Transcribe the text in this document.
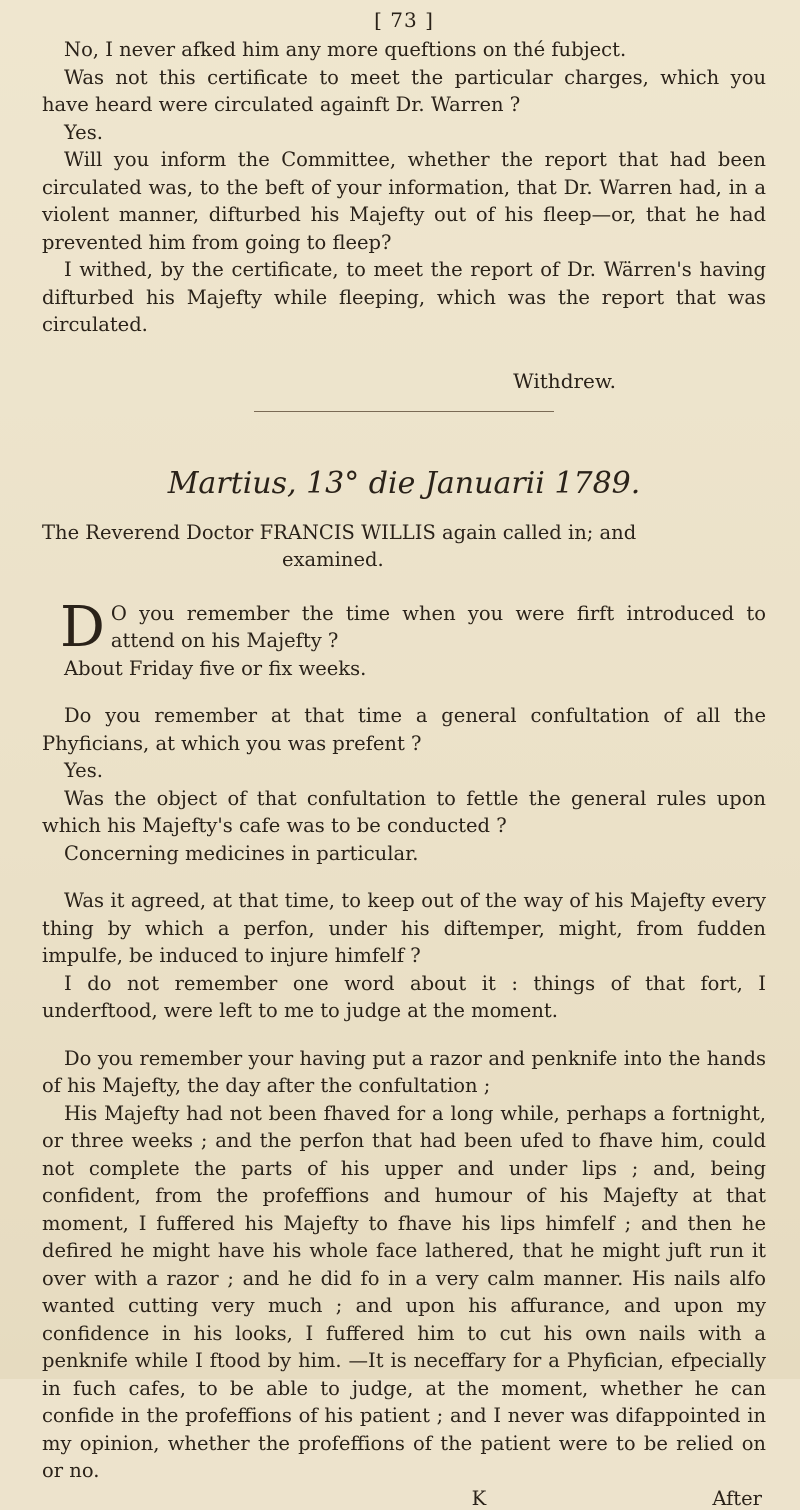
[ 73 ]

No, I never afked him any more queftions on thé fubject.

Was not this certificate to meet the particular charges, which you have heard were circulated againft Dr. Warren ?

Yes.

Will you inform the Committee, whether the report that had been circulated was, to the beft of your information, that Dr. Warren had, in a violent manner, difturbed his Majefty out of his fleep—or, that he had prevented him from going to fleep?

I withed, by the certificate, to meet the report of Dr. Wärren's having difturbed his Majefty while fleeping, which was the report that was circulated.

Withdrew.
Martius, 13° die Januarii 1789.
The Reverend Doctor FRANCIS WILLIS again called in; and
examined.

D O you remember the time when you were firft introduced to attend on his Majefty ?

About Friday five or fix weeks.

Do you remember at that time a general confultation of all the Phyficians, at which you was prefent ?

Yes.

Was the object of that confultation to fettle the general rules upon which his Majefty's cafe was to be conducted ?

Concerning medicines in particular.

Was it agreed, at that time, to keep out of the way of his Majefty every thing by which a perfon, under his diftemper, might, from fudden impulfe, be induced to injure himfelf ?

I do not remember one word about it : things of that fort, I underftood, were left to me to judge at the moment.

Do you remember your having put a razor and penknife into the hands of his Majefty, the day after the confultation ;

His Majefty had not been fhaved for a long while, perhaps a fortnight, or three weeks ; and the perfon that had been ufed to fhave him, could not complete the parts of his upper and under lips ; and, being confident, from the profeffions and humour of his Majefty at that moment, I fuffered his Majefty to fhave his lips himfelf ; and then he defired he might have his whole face lathered, that he might juft run it over with a razor ; and he did fo in a very calm manner. His nails alfo wanted cutting very much ; and upon his affurance, and upon my confidence in his looks, I fuffered him to cut his own nails with a penknife while I ftood by him. —It is neceffary for a Phyfician, efpecially in fuch cafes, to be able to judge, at the moment, whether he can confide in the profeffions of his patient ; and I never was difappointed in my opinion, whether the profeffions of the patient were to be relied on or no.

K	After
